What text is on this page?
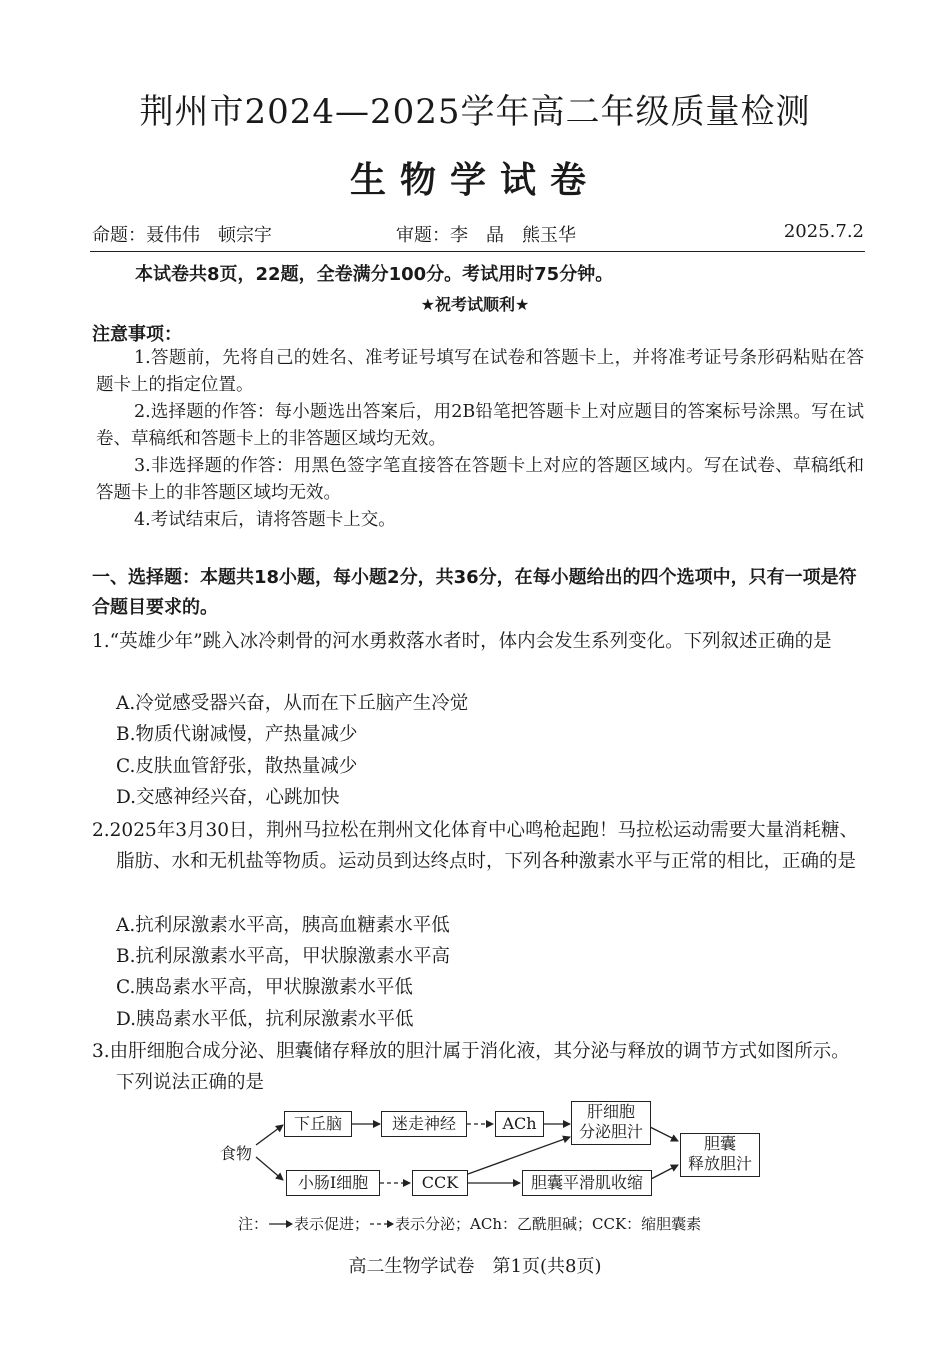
荆州市2024—2025学年高二年级质量检测
生物学试卷
命题：聂伟伟　顿宗宇	审题：李　晶　熊玉华	2025.7.2
本试卷共8页，22题，全卷满分100分。考试用时75分钟。
★祝考试顺利★
注意事项：
1.答题前，先将自己的姓名、准考证号填写在试卷和答题卡上，并将准考证号条形码粘贴在答题卡上的指定位置。
2.选择题的作答：每小题选出答案后，用2B铅笔把答题卡上对应题目的答案标号涂黑。写在试卷、草稿纸和答题卡上的非答题区域均无效。
3.非选择题的作答：用黑色签字笔直接答在答题卡上对应的答题区域内。写在试卷、草稿纸和答题卡上的非答题区域均无效。
4.考试结束后，请将答题卡上交。
一、选择题：本题共18小题，每小题2分，共36分，在每小题给出的四个选项中，只有一项是符合题目要求的。
1.“英雄少年”跳入冰冷刺骨的河水勇救落水者时，体内会发生系列变化。下列叙述正确的是
A.冷觉感受器兴奋，从而在下丘脑产生冷觉
B.物质代谢减慢，产热量减少
C.皮肤血管舒张，散热量减少
D.交感神经兴奋，心跳加快
2.2025年3月30日，荆州马拉松在荆州文化体育中心鸣枪起跑！马拉松运动需要大量消耗糖、脂肪、水和无机盐等物质。运动员到达终点时，下列各种激素水平与正常的相比，正确的是
A.抗利尿激素水平高，胰高血糖素水平低
B.抗利尿激素水平高，甲状腺激素水平高
C.胰岛素水平高，甲状腺激素水平低
D.胰岛素水平低，抗利尿激素水平低
3.由肝细胞合成分泌、胆囊储存释放的胆汁属于消化液，其分泌与释放的调节方式如图所示。下列说法正确的是
食物
下丘脑	迷走神经	ACh
肝细胞
分泌胆汁
胆囊
释放胆汁
小肠Ⅰ细胞	CCK	胆囊平滑肌收缩
注： 表示促进； 表示分泌；ACh：乙酰胆碱；CCK：缩胆囊素
高二生物学试卷　第1页(共8页)
